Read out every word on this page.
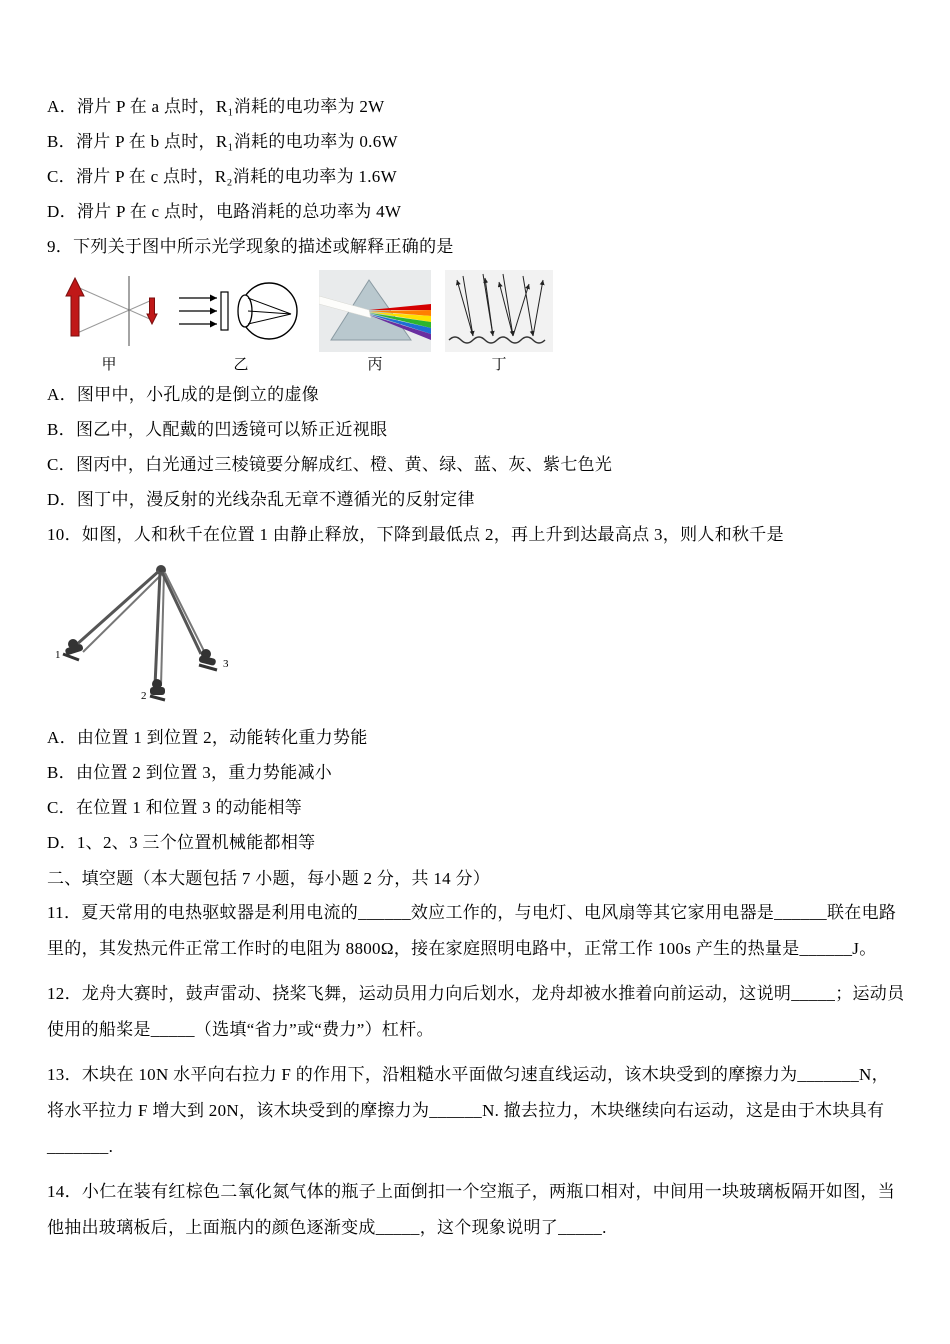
A．滑片 P 在 a 点时，R₁消耗的电功率为 2W

B．滑片 P 在 b 点时，R₁消耗的电功率为 0.6W

C．滑片 P 在 c 点时，R₂消耗的电功率为 1.6W

D．滑片 P 在 c 点时，电路消耗的总功率为 4W

9．下列关于图中所示光学现象的描述或解释正确的是

甲	乙	丙	丁

A．图甲中，小孔成的是倒立的虚像

B．图乙中，人配戴的凹透镜可以矫正近视眼

C．图丙中，白光通过三棱镜要分解成红、橙、黄、绿、蓝、灰、紫七色光

D．图丁中，漫反射的光线杂乱无章不遵循光的反射定律

10．如图，人和秋千在位置 1 由静止释放，下降到最低点 2，再上升到达最高点 3，则人和秋千是

1
2
3

A．由位置 1 到位置 2，动能转化重力势能

B．由位置 2 到位置 3，重力势能减小

C．在位置 1 和位置 3 的动能相等

D．1、2、3 三个位置机械能都相等

二、填空题（本大题包括 7 小题，每小题 2 分，共 14 分）

11．夏天常用的电热驱蚊器是利用电流的______效应工作的，与电灯、电风扇等其它家用电器是______联在电路里的，其发热元件正常工作时的电阻为 8800Ω，接在家庭照明电路中，正常工作 100s 产生的热量是______J。

12．龙舟大赛时，鼓声雷动、挠桨飞舞，运动员用力向后划水，龙舟却被水推着向前运动，这说明_____；运动员使用的船桨是_____（选填“省力”或“费力”）杠杆。

13．木块在 10N 水平向右拉力 F 的作用下，沿粗糙水平面做匀速直线运动，该木块受到的摩擦力为_______N，将水平拉力 F 增大到 20N，该木块受到的摩擦力为______N. 撤去拉力，木块继续向右运动，这是由于木块具有_______.

14．小仁在装有红棕色二氧化氮气体的瓶子上面倒扣一个空瓶子，两瓶口相对，中间用一块玻璃板隔开如图，当他抽出玻璃板后，上面瓶内的颜色逐渐变成_____，这个现象说明了_____.
